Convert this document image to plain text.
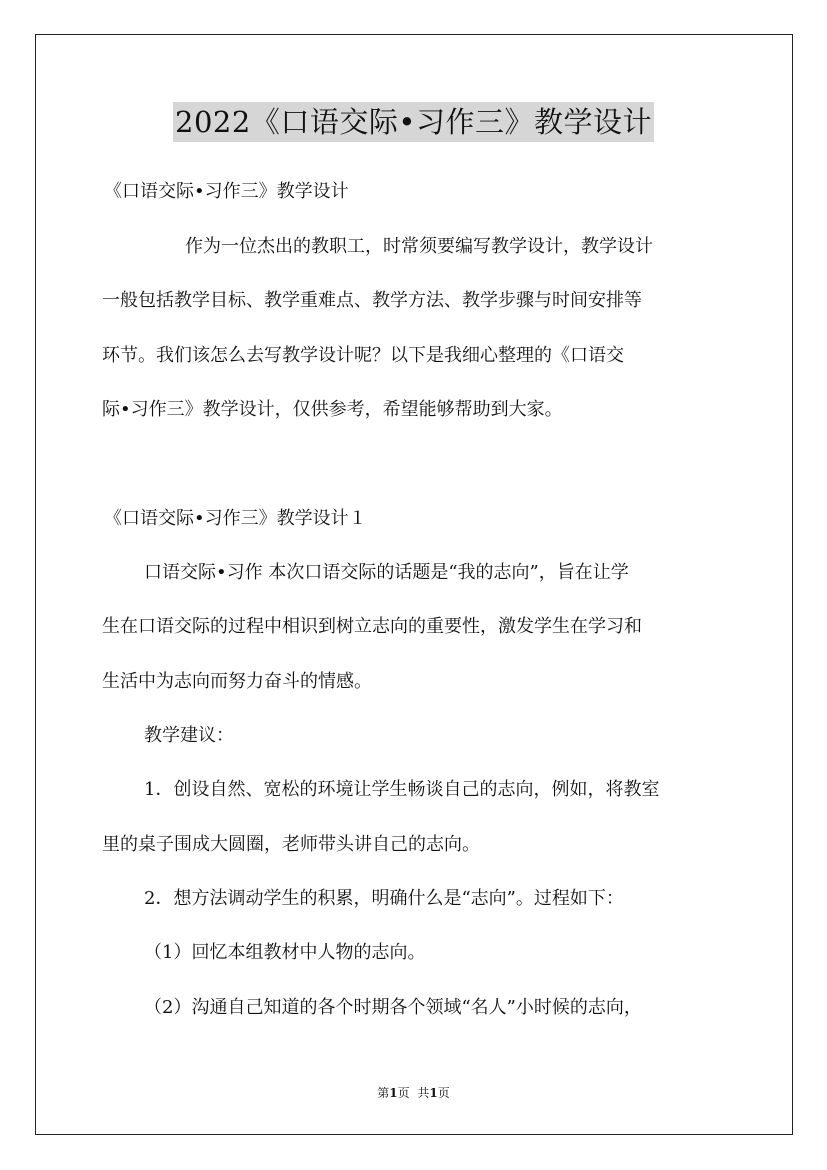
2022《口语交际•习作三》教学设计
《口语交际•习作三》教学设计
作为一位杰出的教职工，时常须要编写教学设计，教学设计
一般包括教学目标、教学重难点、教学方法、教学步骤与时间安排等
环节。我们该怎么去写教学设计呢？以下是我细心整理的《口语交
际•习作三》教学设计，仅供参考，希望能够帮助到大家。
《口语交际•习作三》教学设计１
口语交际•习作 本次口语交际的话题是“我的志向”，旨在让学
生在口语交际的过程中相识到树立志向的重要性，激发学生在学习和
生活中为志向而努力奋斗的情感。
教学建议：
1．创设自然、宽松的环境让学生畅谈自己的志向，例如，将教室
里的桌子围成大圆圈，老师带头讲自己的志向。
2．想方法调动学生的积累，明确什么是“志向”。过程如下：
（1）回忆本组教材中人物的志向。
（2）沟通自己知道的各个时期各个领域“名人”小时候的志向，
第1页 共1页
